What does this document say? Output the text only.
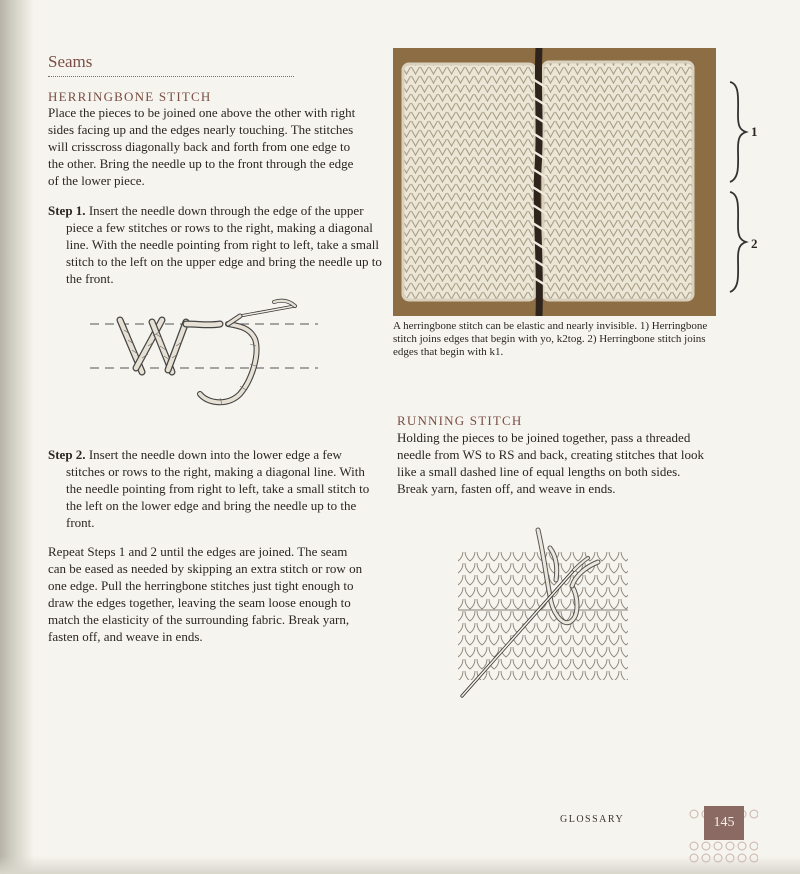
Seams
HERRINGBONE STITCH

Place the pieces to be joined one above the other with right sides facing up and the edges nearly touching. The stitches will crisscross diagonally back and forth from one edge to the other. Bring the needle up to the front through the edge of the lower piece.

Step 1. Insert the needle down through the edge of the upper piece a few stitches or rows to the right, making a diagonal line. With the needle pointing from right to left, take a small stitch to the left on the upper edge and bring the needle up to the front.

Step 2. Insert the needle down into the lower edge a few stitches or rows to the right, making a diagonal line. With the needle pointing from right to left, take a small stitch to the left on the lower edge and bring the needle up to the front.

Repeat Steps 1 and 2 until the edges are joined. The seam can be eased as needed by skipping an extra stitch or row on one edge. Pull the herringbone stitches just tight enough to draw the edges together, leaving the seam loose enough to match the elasticity of the surrounding fabric. Break yarn, fasten off, and weave in ends.

1
2

A herringbone stitch can be elastic and nearly invisible. 1) Herringbone stitch joins edges that begin with yo, k2tog. 2) Herringbone stitch joins edges that begin with k1.

RUNNING STITCH

Holding the pieces to be joined together, pass a threaded needle from WS to RS and back, creating stitches that look like a small dashed line of equal lengths on both sides. Break yarn, fasten off, and weave in ends.

GLOSSARY	145
